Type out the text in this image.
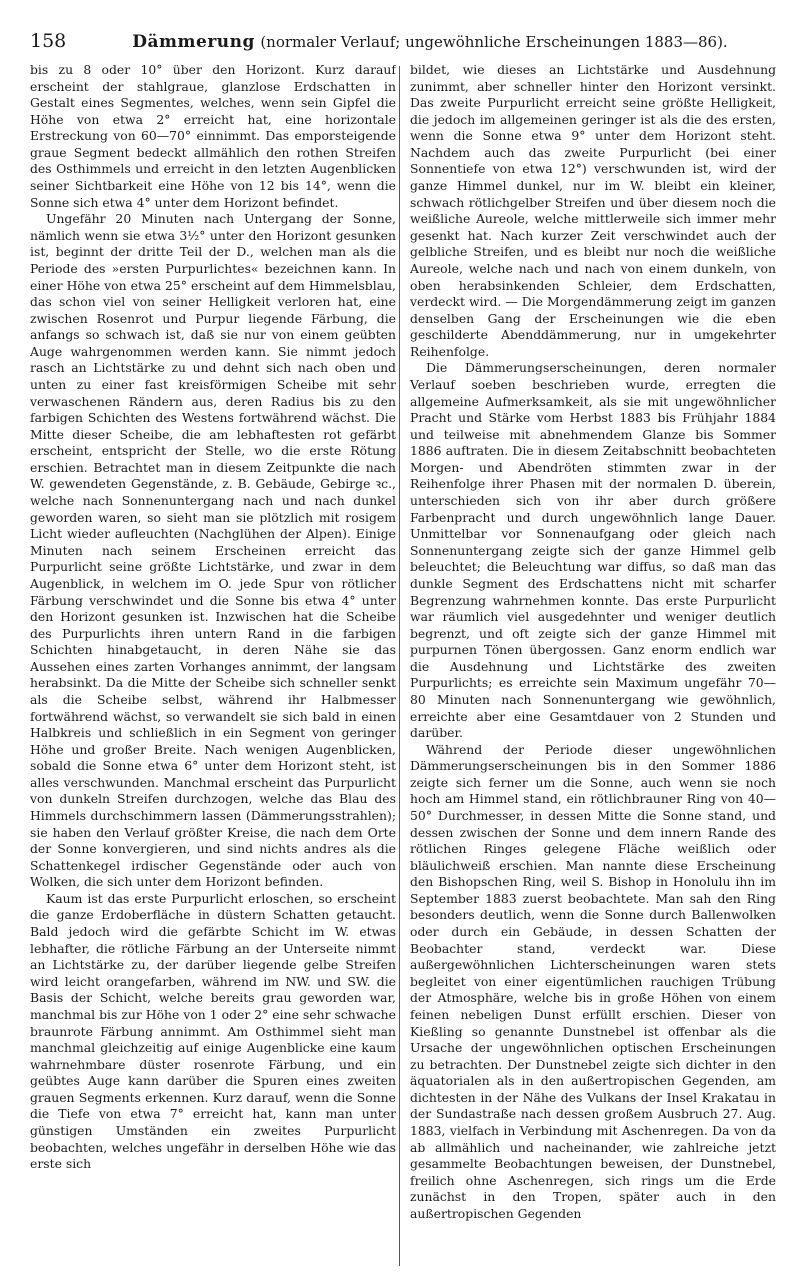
158	Dämmerung (normaler Verlauf; ungewöhnliche Erscheinungen 1883—86).

bis zu 8 oder 10° über den Horizont. Kurz darauf erscheint der stahlgraue, glanzlose Erdschatten in Gestalt eines Segmentes, welches, wenn sein Gipfel die Höhe von etwa 2° erreicht hat, eine horizontale Erstreckung von 60—70° einnimmt. Das emporsteigende graue Segment bedeckt allmählich den rothen Streifen des Osthimmels und erreicht in den letzten Augenblicken seiner Sichtbarkeit eine Höhe von 12 bis 14°, wenn die Sonne sich etwa 4° unter dem Horizont befindet.

Ungefähr 20 Minuten nach Untergang der Sonne, nämlich wenn sie etwa 3½° unter den Horizont gesunken ist, beginnt der dritte Teil der D., welchen man als die Periode des »ersten Purpurlichtes« bezeichnen kann. In einer Höhe von etwa 25° erscheint auf dem Himmelsblau, das schon viel von seiner Helligkeit verloren hat, eine zwischen Rosenrot und Purpur liegende Färbung, die anfangs so schwach ist, daß sie nur von einem geübten Auge wahrgenommen werden kann. Sie nimmt jedoch rasch an Lichtstärke zu und dehnt sich nach oben und unten zu einer fast kreisförmigen Scheibe mit sehr verwaschenen Rändern aus, deren Radius bis zu den farbigen Schichten des Westens fortwährend wächst. Die Mitte dieser Scheibe, die am lebhaftesten rot gefärbt erscheint, entspricht der Stelle, wo die erste Rötung erschien. Betrachtet man in diesem Zeitpunkte die nach W. gewendeten Gegenstände, z. B. Gebäude, Gebirge ꝛc., welche nach Sonnenuntergang nach und nach dunkel geworden waren, so sieht man sie plötzlich mit rosigem Licht wieder aufleuchten (Nachglühen der Alpen). Einige Minuten nach seinem Erscheinen erreicht das Purpurlicht seine größte Lichtstärke, und zwar in dem Augenblick, in welchem im O. jede Spur von rötlicher Färbung verschwindet und die Sonne bis etwa 4° unter den Horizont gesunken ist. Inzwischen hat die Scheibe des Purpurlichts ihren untern Rand in die farbigen Schichten hinabgetaucht, in deren Nähe sie das Aussehen eines zarten Vorhanges annimmt, der langsam herabsinkt. Da die Mitte der Scheibe sich schneller senkt als die Scheibe selbst, während ihr Halbmesser fortwährend wächst, so verwandelt sie sich bald in einen Halbkreis und schließlich in ein Segment von geringer Höhe und großer Breite. Nach wenigen Augenblicken, sobald die Sonne etwa 6° unter dem Horizont steht, ist alles verschwunden. Manchmal erscheint das Purpurlicht von dunkeln Streifen durchzogen, welche das Blau des Himmels durchschimmern lassen (Dämmerungsstrahlen); sie haben den Verlauf größter Kreise, die nach dem Orte der Sonne konvergieren, und sind nichts andres als die Schattenkegel irdischer Gegenstände oder auch von Wolken, die sich unter dem Horizont befinden.

Kaum ist das erste Purpurlicht erloschen, so erscheint die ganze Erdoberfläche in düstern Schatten getaucht. Bald jedoch wird die gefärbte Schicht im W. etwas lebhafter, die rötliche Färbung an der Unterseite nimmt an Lichtstärke zu, der darüber liegende gelbe Streifen wird leicht orangefarben, während im NW. und SW. die Basis der Schicht, welche bereits grau geworden war, manchmal bis zur Höhe von 1 oder 2° eine sehr schwache braunrote Färbung annimmt. Am Osthimmel sieht man manchmal gleichzeitig auf einige Augenblicke eine kaum wahrnehmbare düster rosenrote Färbung, und ein geübtes Auge kann darüber die Spuren eines zweiten grauen Segments erkennen. Kurz darauf, wenn die Sonne die Tiefe von etwa 7° erreicht hat, kann man unter günstigen Umständen ein zweites Purpurlicht beobachten, welches ungefähr in derselben Höhe wie das erste sich

bildet, wie dieses an Lichtstärke und Ausdehnung zunimmt, aber schneller hinter den Horizont versinkt. Das zweite Purpurlicht erreicht seine größte Helligkeit, die jedoch im allgemeinen geringer ist als die des ersten, wenn die Sonne etwa 9° unter dem Horizont steht. Nachdem auch das zweite Purpurlicht (bei einer Sonnentiefe von etwa 12°) verschwunden ist, wird der ganze Himmel dunkel, nur im W. bleibt ein kleiner, schwach rötlichgelber Streifen und über diesem noch die weißliche Aureole, welche mittlerweile sich immer mehr gesenkt hat. Nach kurzer Zeit verschwindet auch der gelbliche Streifen, und es bleibt nur noch die weißliche Aureole, welche nach und nach von einem dunkeln, von oben herabsinkenden Schleier, dem Erdschatten, verdeckt wird. — Die Morgendämmerung zeigt im ganzen denselben Gang der Erscheinungen wie die eben geschilderte Abenddämmerung, nur in umgekehrter Reihenfolge.

Die Dämmerungserscheinungen, deren normaler Verlauf soeben beschrieben wurde, erregten die allgemeine Aufmerksamkeit, als sie mit ungewöhnlicher Pracht und Stärke vom Herbst 1883 bis Frühjahr 1884 und teilweise mit abnehmendem Glanze bis Sommer 1886 auftraten. Die in diesem Zeitabschnitt beobachteten Morgen- und Abendröten stimmten zwar in der Reihenfolge ihrer Phasen mit der normalen D. überein, unterschieden sich von ihr aber durch größere Farbenpracht und durch ungewöhnlich lange Dauer. Unmittelbar vor Sonnenaufgang oder gleich nach Sonnenuntergang zeigte sich der ganze Himmel gelb beleuchtet; die Beleuchtung war diffus, so daß man das dunkle Segment des Erdschattens nicht mit scharfer Begrenzung wahrnehmen konnte. Das erste Purpurlicht war räumlich viel ausgedehnter und weniger deutlich begrenzt, und oft zeigte sich der ganze Himmel mit purpurnen Tönen übergossen. Ganz enorm endlich war die Ausdehnung und Lichtstärke des zweiten Purpurlichts; es erreichte sein Maximum ungefähr 70—80 Minuten nach Sonnenuntergang wie gewöhnlich, erreichte aber eine Gesamtdauer von 2 Stunden und darüber.

Während der Periode dieser ungewöhnlichen Dämmerungserscheinungen bis in den Sommer 1886 zeigte sich ferner um die Sonne, auch wenn sie noch hoch am Himmel stand, ein rötlichbrauner Ring von 40—50° Durchmesser, in dessen Mitte die Sonne stand, und dessen zwischen der Sonne und dem innern Rande des rötlichen Ringes gelegene Fläche weißlich oder bläulichweiß erschien. Man nannte diese Erscheinung den Bishopschen Ring, weil S. Bishop in Honolulu ihn im September 1883 zuerst beobachtete. Man sah den Ring besonders deutlich, wenn die Sonne durch Ballenwolken oder durch ein Gebäude, in dessen Schatten der Beobachter stand, verdeckt war. Diese außergewöhnlichen Lichterscheinungen waren stets begleitet von einer eigentümlichen rauchigen Trübung der Atmosphäre, welche bis in große Höhen von einem feinen nebeligen Dunst erfüllt erschien. Dieser von Kießling so genannte Dunstnebel ist offenbar als die Ursache der ungewöhnlichen optischen Erscheinungen zu betrachten. Der Dunstnebel zeigte sich dichter in den äquatorialen als in den außertropischen Gegenden, am dichtesten in der Nähe des Vulkans der Insel Krakatau in der Sundastraße nach dessen großem Ausbruch 27. Aug. 1883, vielfach in Verbindung mit Aschenregen. Da von da ab allmählich und nacheinander, wie zahlreiche jetzt gesammelte Beobachtungen beweisen, der Dunstnebel, freilich ohne Aschenregen, sich rings um die Erde zunächst in den Tropen, später auch in den außertropischen Gegenden
